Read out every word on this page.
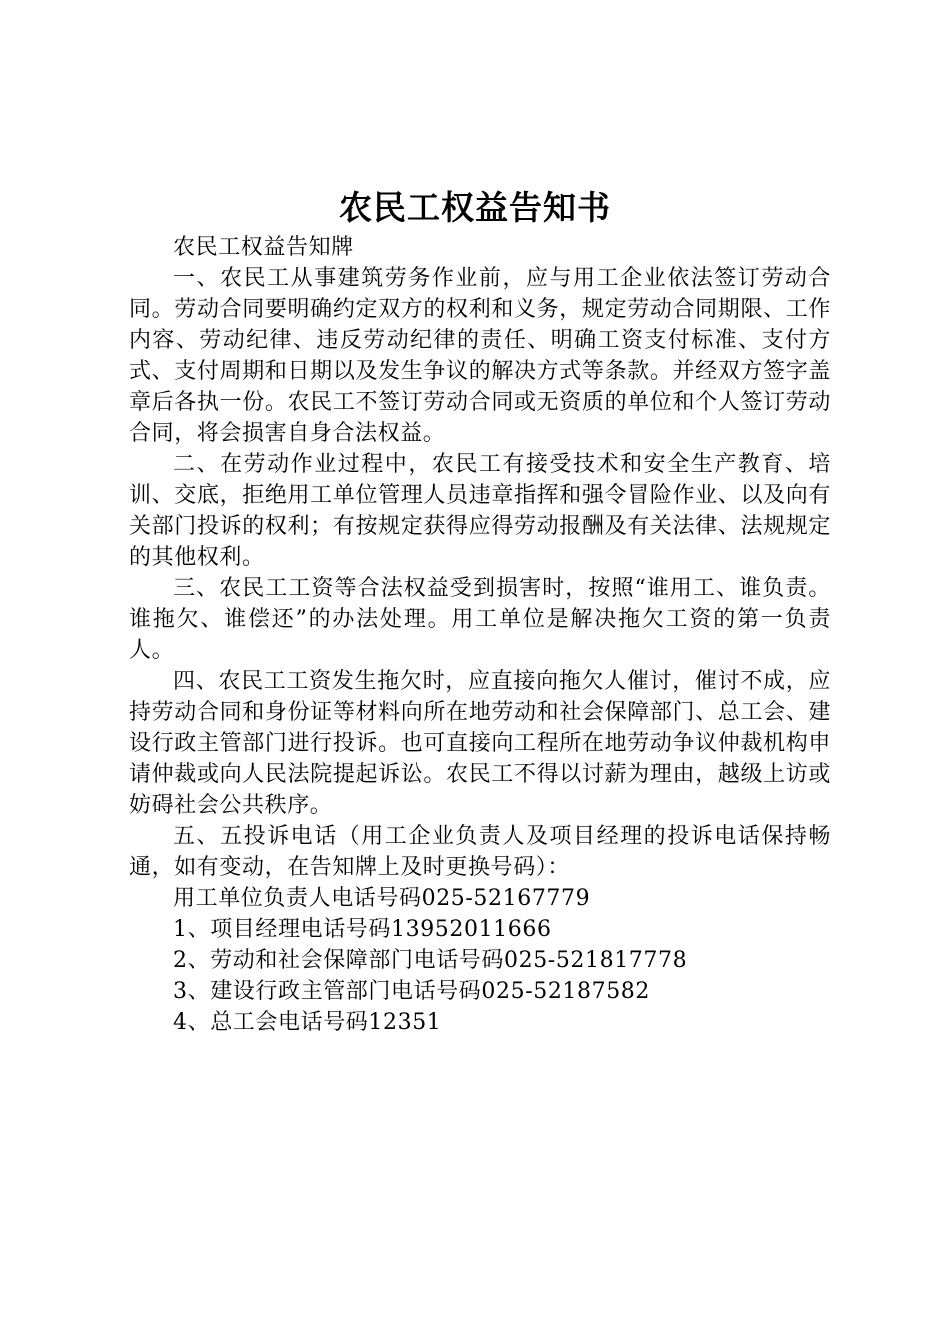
农民工权益告知书

农民工权益告知牌

一、农民工从事建筑劳务作业前，应与用工企业依法签订劳动合同。劳动合同要明确约定双方的权利和义务，规定劳动合同期限、工作内容、劳动纪律、违反劳动纪律的责任、明确工资支付标准、支付方式、支付周期和日期以及发生争议的解决方式等条款。并经双方签字盖章后各执一份。农民工不签订劳动合同或无资质的单位和个人签订劳动合同，将会损害自身合法权益。

二、在劳动作业过程中，农民工有接受技术和安全生产教育、培训、交底，拒绝用工单位管理人员违章指挥和强令冒险作业、以及向有关部门投诉的权利；有按规定获得应得劳动报酬及有关法律、法规规定的其他权利。

三、农民工工资等合法权益受到损害时，按照“谁用工、谁负责。谁拖欠、谁偿还”的办法处理。用工单位是解决拖欠工资的第一负责人。

四、农民工工资发生拖欠时，应直接向拖欠人催讨，催讨不成，应持劳动合同和身份证等材料向所在地劳动和社会保障部门、总工会、建设行政主管部门进行投诉。也可直接向工程所在地劳动争议仲裁机构申请仲裁或向人民法院提起诉讼。农民工不得以讨薪为理由，越级上访或妨碍社会公共秩序。

五、五投诉电话（用工企业负责人及项目经理的投诉电话保持畅通，如有变动，在告知牌上及时更换号码）：

用工单位负责人电话号码025-52167779

1、项目经理电话号码13952011666

2、劳动和社会保障部门电话号码025-521817778

3、建设行政主管部门电话号码025-52187582

4、总工会电话号码12351
